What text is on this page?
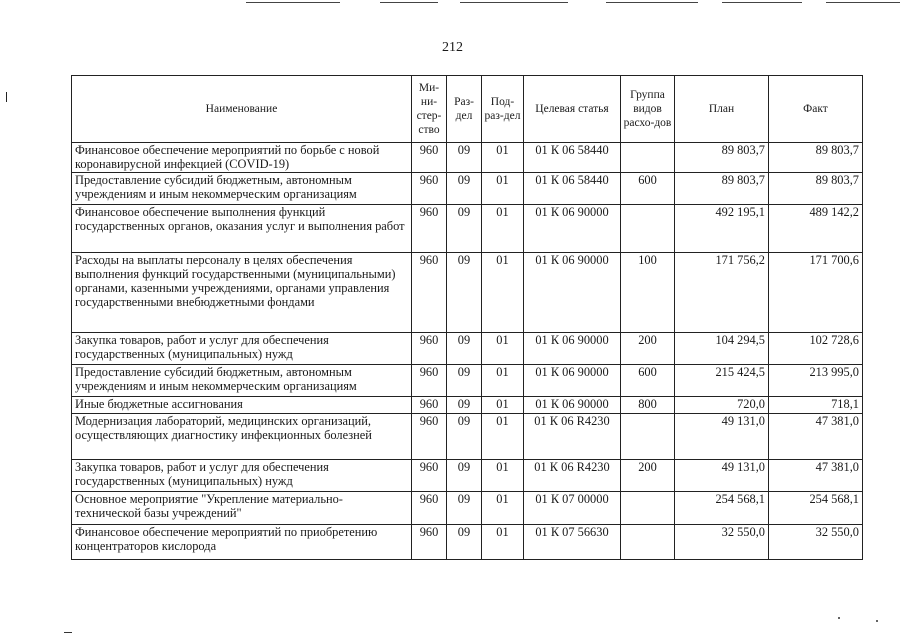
212
Наименование	Ми-ни-стер-ство	Раз-дел	Под-раз-дел	Целевая статья	Группа видов расхо-дов	План	Факт
Финансовое обеспечение мероприятий по борьбе с новой коронавирусной инфекцией (COVID-19)	960	09	01	01 К 06 58440		89 803,7	89 803,7
Предоставление субсидий бюджетным, автономным учреждениям и иным некоммерческим организациям	960	09	01	01 К 06 58440	600	89 803,7	89 803,7
Финансовое обеспечение выполнения функций государственных органов, оказания услуг и выполнения работ	960	09	01	01 К 06 90000		492 195,1	489 142,2
Расходы на выплаты персоналу в целях обеспечения выполнения функций государственными (муниципальными) органами, казенными учреждениями, органами управления государственными внебюджетными фондами	960	09	01	01 К 06 90000	100	171 756,2	171 700,6
Закупка товаров, работ и услуг для обеспечения государственных (муниципальных) нужд	960	09	01	01 К 06 90000	200	104 294,5	102 728,6
Предоставление субсидий бюджетным, автономным учреждениям и иным некоммерческим организациям	960	09	01	01 К 06 90000	600	215 424,5	213 995,0
Иные бюджетные ассигнования	960	09	01	01 К 06 90000	800	720,0	718,1
Модернизация лабораторий, медицинских организаций, осуществляющих диагностику инфекционных болезней	960	09	01	01 К 06 R4230		49 131,0	47 381,0
Закупка товаров, работ и услуг для обеспечения государственных (муниципальных) нужд	960	09	01	01 К 06 R4230	200	49 131,0	47 381,0
Основное мероприятие "Укрепление материально-технической базы учреждений"	960	09	01	01 К 07 00000		254 568,1	254 568,1
Финансовое обеспечение мероприятий по приобретению концентраторов кислорода	960	09	01	01 К 07 56630		32 550,0	32 550,0
